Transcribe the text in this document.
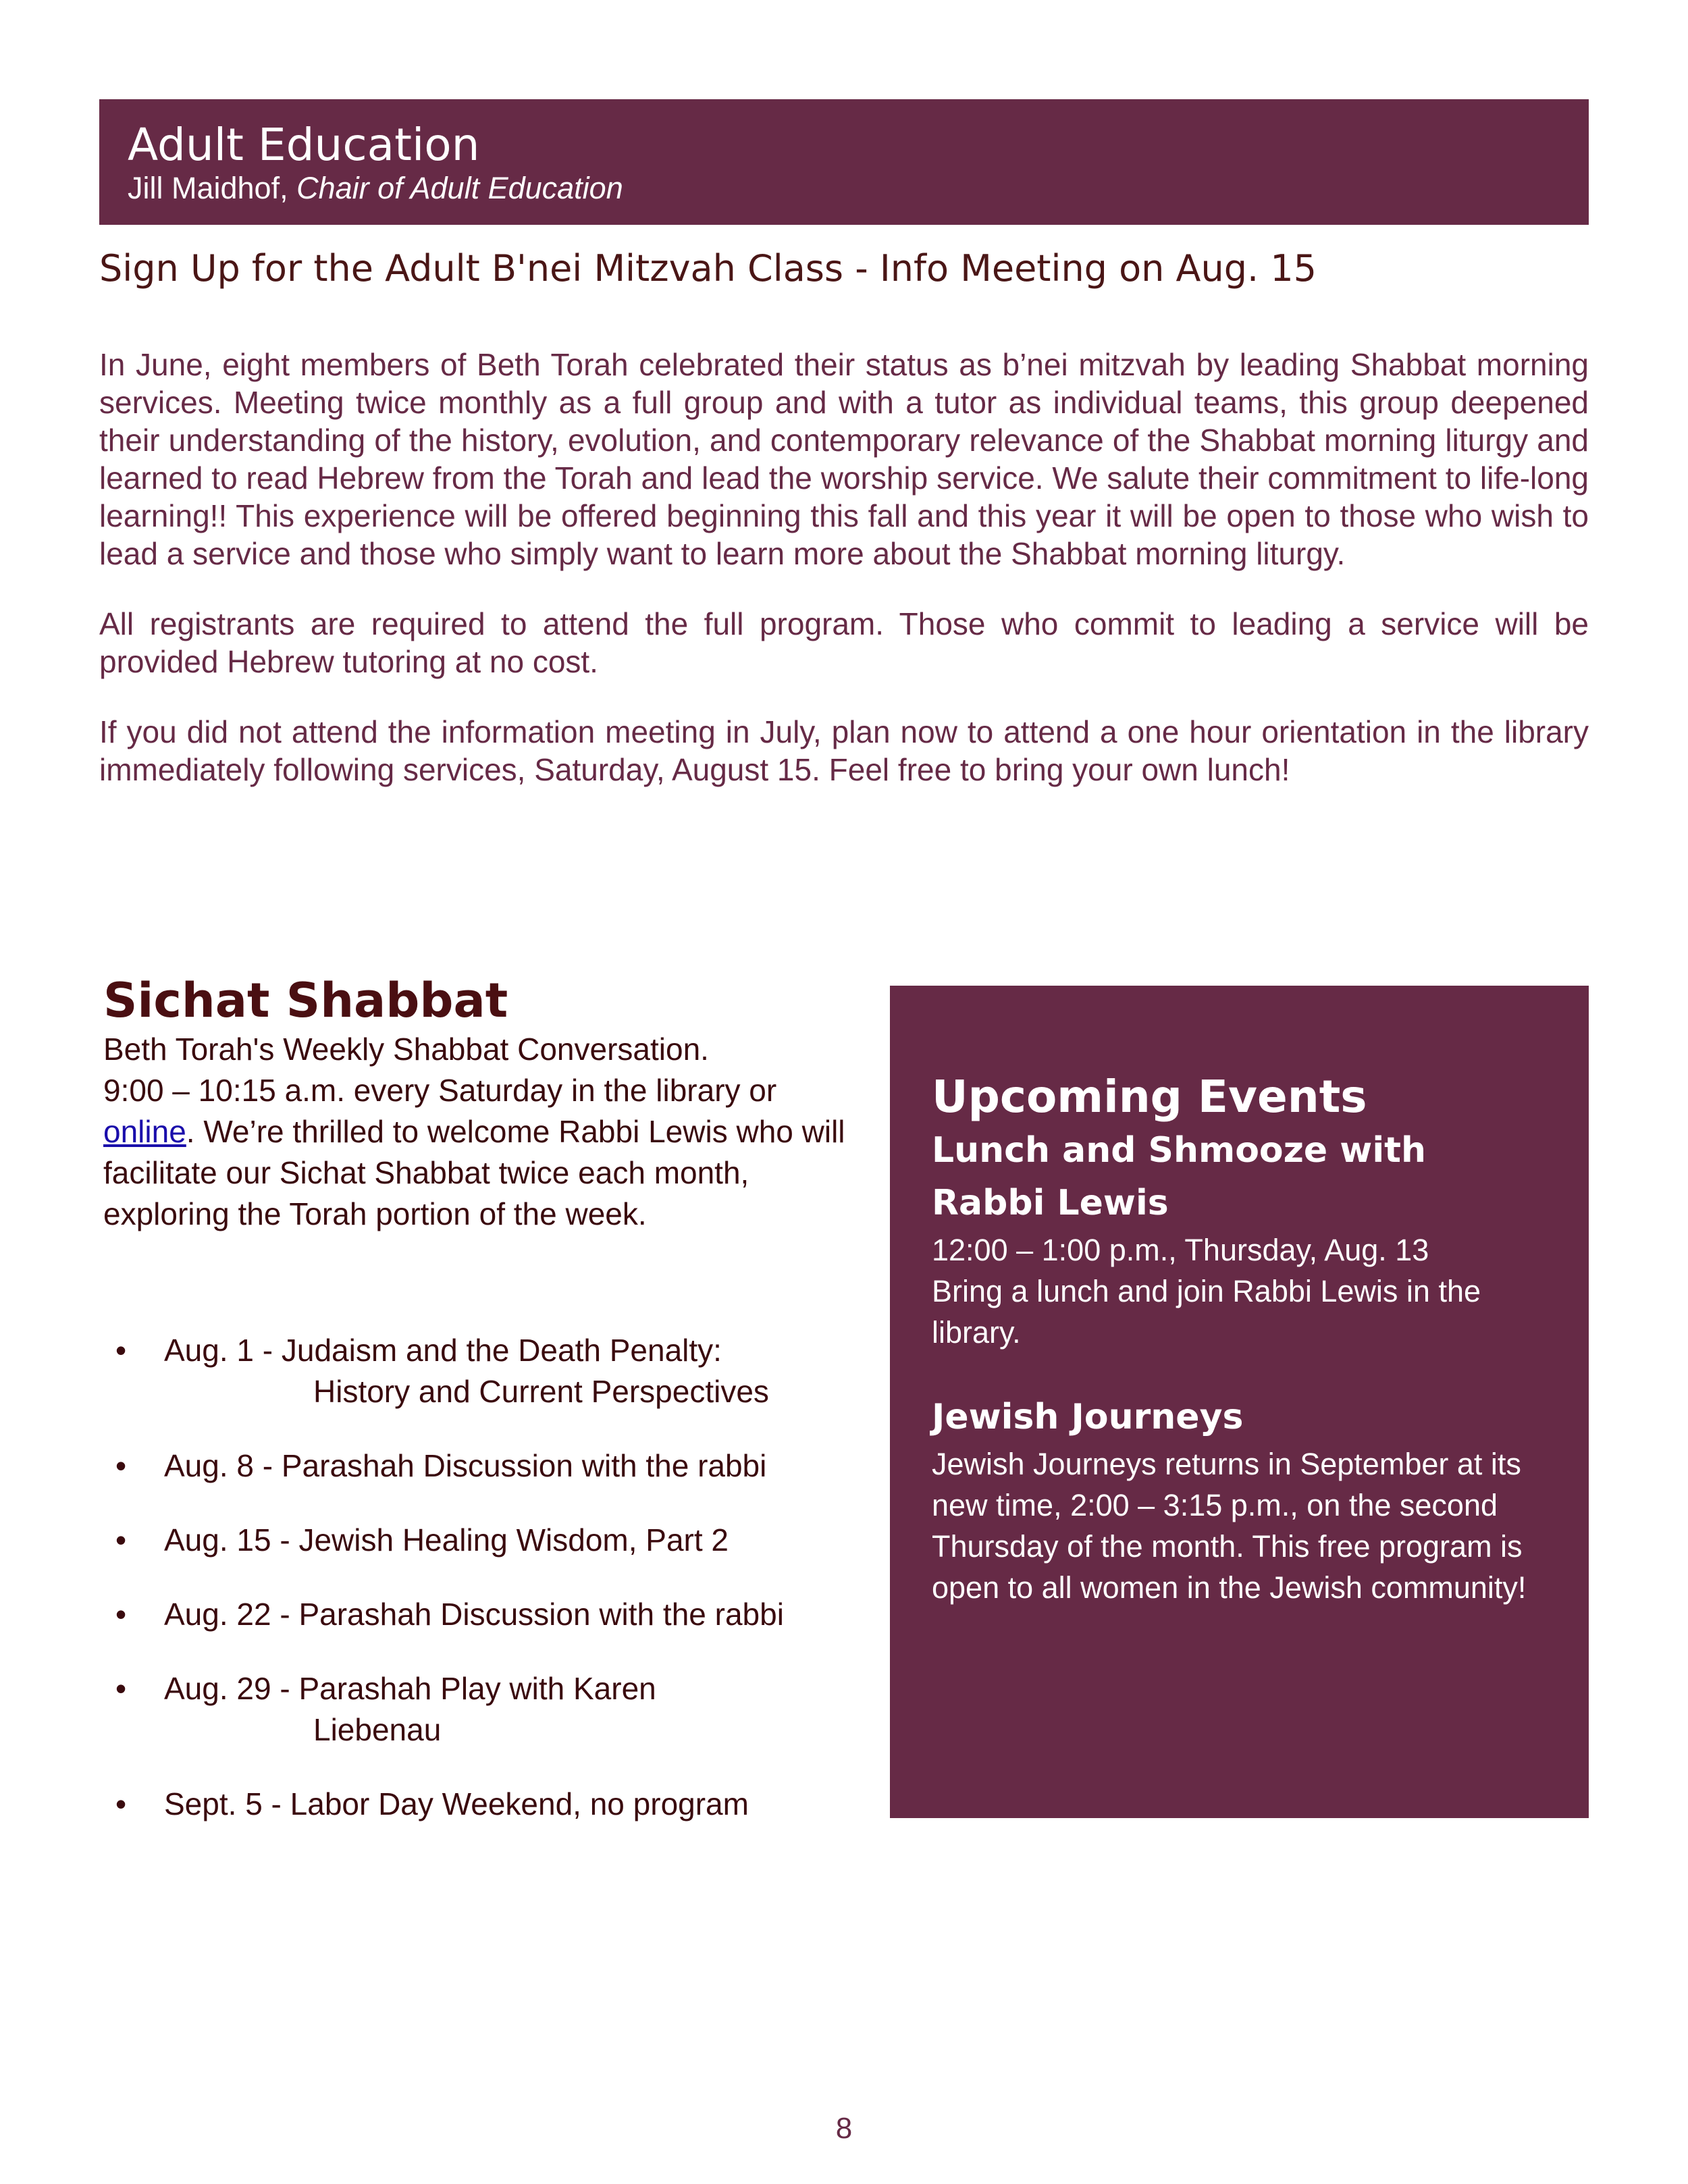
Adult Education

Jill Maidhof, Chair of Adult Education

Sign Up for the Adult B'nei Mitzvah Class - Info Meeting on Aug. 15

In June, eight members of Beth Torah celebrated their status as b’nei mitzvah by leading Shabbat morning services. Meeting twice monthly as a full group and with a tutor as individual teams, this group deepened their understanding of the history, evolution, and contemporary relevance of the Shabbat morning liturgy and learned to read Hebrew from the Torah and lead the worship service. We salute their commitment to life-long learning!! This experience will be offered beginning this fall and this year it will be open to those who wish to lead a service and those who simply want to learn more about the Shabbat morning liturgy.

All registrants are required to attend the full program. Those who commit to leading a service will be provided Hebrew tutoring at no cost.

If you did not attend the information meeting in July, plan now to attend a one hour orientation in the library immediately following services, Saturday, August 15. Feel free to bring your own lunch!

Sichat Shabbat

Beth Torah's Weekly Shabbat Conversation.

9:00 – 10:15 a.m. every Saturday in the library or online. We’re thrilled to welcome Rabbi Lewis who will facilitate our Sichat Shabbat twice each month, exploring the Torah portion of the week.

• Aug. 1 - Judaism and the Death Penalty:
History and Current Perspectives
• Aug. 8 - Parashah Discussion with the rabbi
• Aug. 15 - Jewish Healing Wisdom, Part 2
• Aug. 22 - Parashah Discussion with the rabbi
• Aug. 29 - Parashah Play with Karen
Liebenau
• Sept. 5 - Labor Day Weekend, no program
Upcoming Events
Lunch and Shmooze with Rabbi Lewis

12:00 – 1:00 p.m., Thursday, Aug. 13

Bring a lunch and join Rabbi Lewis in the library.

Jewish Journeys

Jewish Journeys returns in September at its new time, 2:00 – 3:15 p.m., on the second Thursday of the month. This free program is open to all women in the Jewish community!

8
